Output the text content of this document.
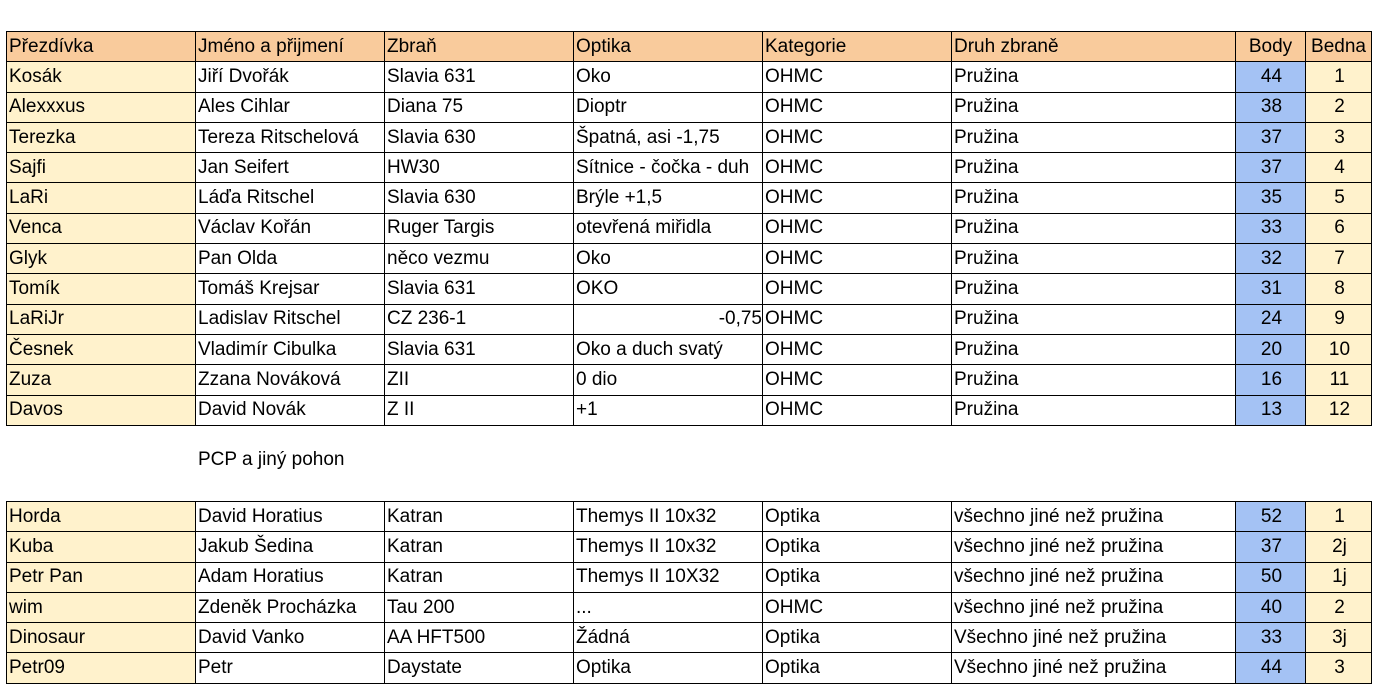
Přezdívka	Jméno a přijmení	Zbraň	Optika	Kategorie	Druh zbraně	Body	Bedna
Kosák	Jiří Dvořák	Slavia 631	Oko	OHMC	Pružina	44	1
Alexxxus	Ales Cihlar	Diana 75	Dioptr	OHMC	Pružina	38	2
Terezka	Tereza Ritschelová	Slavia 630	Špatná, asi -1,75	OHMC	Pružina	37	3
Sajfi	Jan Seifert	HW30	Sítnice - čočka - duh	OHMC	Pružina	37	4
LaRi	Láďa Ritschel	Slavia 630	Brýle +1,5	OHMC	Pružina	35	5
Venca	Václav Kořán	Ruger Targis	otevřená miřidla	OHMC	Pružina	33	6
Glyk	Pan Olda	něco vezmu	Oko	OHMC	Pružina	32	7
Tomík	Tomáš Krejsar	Slavia 631	OKO	OHMC	Pružina	31	8
LaRiJr	Ladislav Ritschel	CZ 236-1	-0,75	OHMC	Pružina	24	9
Česnek	Vladimír Cibulka	Slavia 631	Oko a duch svatý	OHMC	Pružina	20	10
Zuza	Zzana Nováková	ZII	0 dio	OHMC	Pružina	16	11
Davos	David Novák	Z II	+1	OHMC	Pružina	13	12
PCP a jiný pohon
Horda	David Horatius	Katran	Themys II 10x32	Optika	všechno jiné než pružina	52	1
Kuba	Jakub Šedina	Katran	Themys II 10x32	Optika	všechno jiné než pružina	37	2j
Petr Pan	Adam Horatius	Katran	Themys II 10X32	Optika	všechno jiné než pružina	50	1j
wim	Zdeněk Procházka	Tau 200	...	OHMC	všechno jiné než pružina	40	2
Dinosaur	David Vanko	AA HFT500	Žádná	Optika	Všechno jiné než pružina	33	3j
Petr09	Petr	Daystate	Optika	Optika	Všechno jiné než pružina	44	3
